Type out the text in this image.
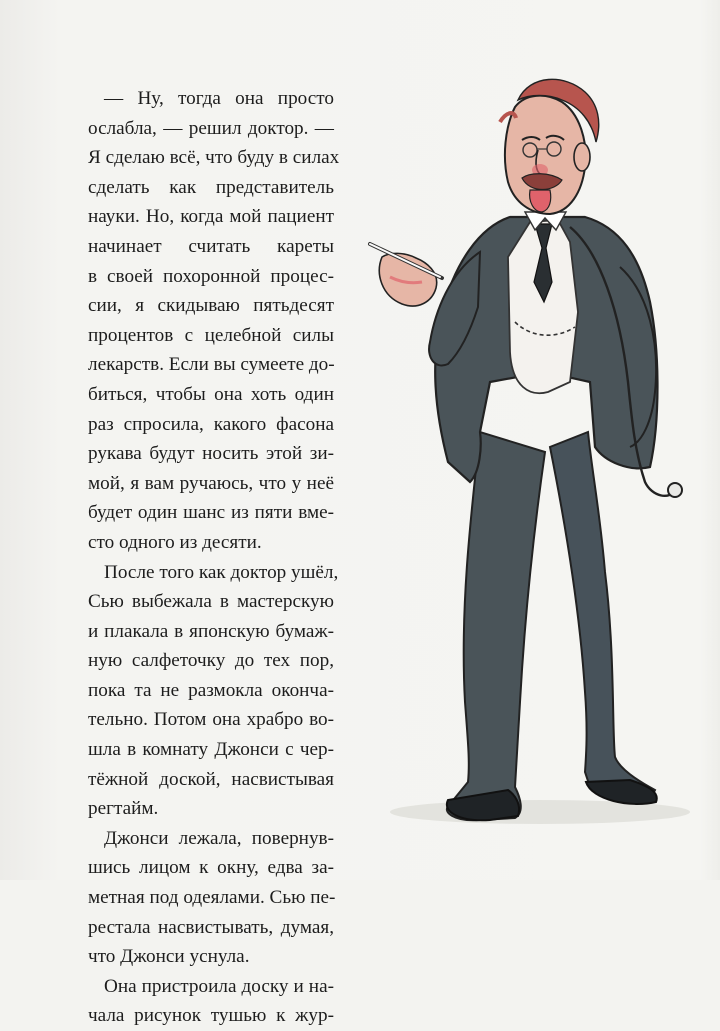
— Ну, тогда она просто
ослабла, — решил доктор. —
Я сделаю всё, что буду в силах
сделать как представитель
науки. Но, когда мой пациент
начинает считать кареты
в своей похоронной процес-
сии, я скидываю пятьдесят
процентов с целебной силы
лекарств. Если вы сумеете до-
биться, чтобы она хоть один
раз спросила, какого фасона
рукава будут носить этой зи-
мой, я вам ручаюсь, что у неё
будет один шанс из пяти вме-
сто одного из десяти.
После того как доктор ушёл,
Сью выбежала в мастерскую
и плакала в японскую бумаж-
ную салфеточку до тех пор,
пока та не размокла оконча-
тельно. Потом она храбро во-
шла в комнату Джонси с чер-
тёжной доской, насвистывая
регтайм.
Джонси лежала, повернув-
шись лицом к окну, едва за-
метная под одеялами. Сью пе-
рестала насвистывать, думая,
что Джонси уснула.
Она пристроила доску и на-
чала рисунок тушью к жур-
